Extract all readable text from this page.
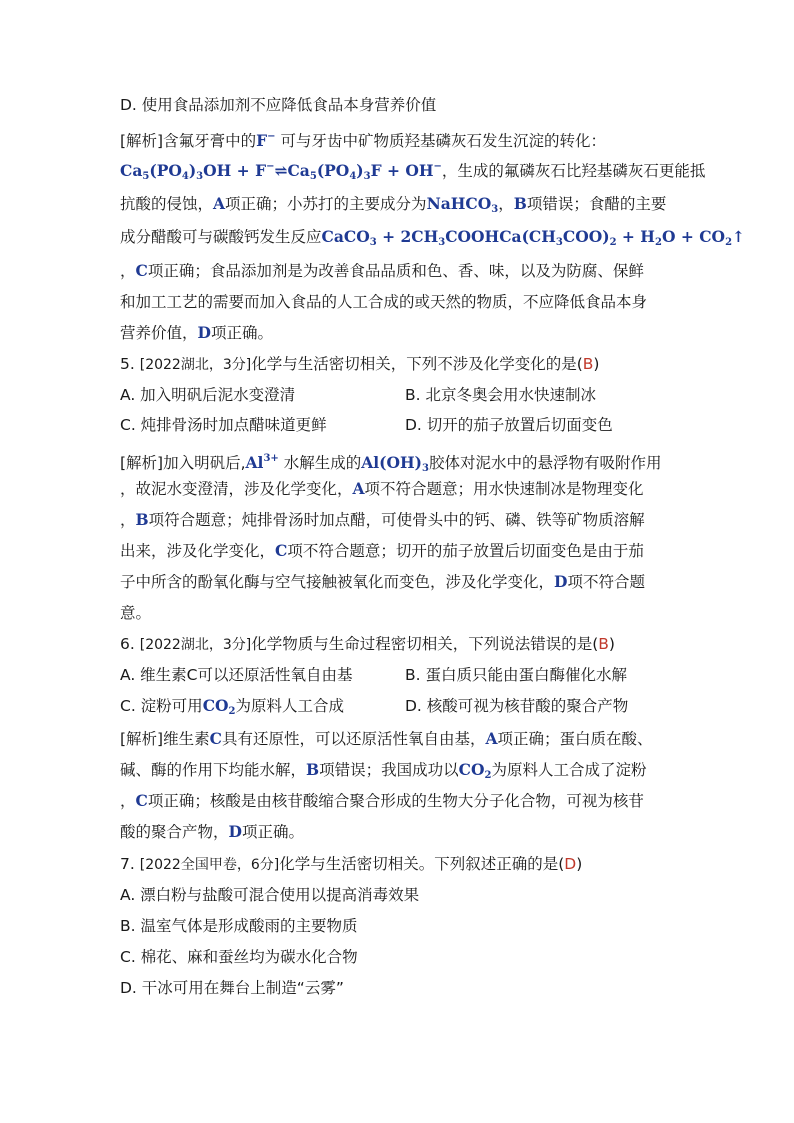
D. 使用食品添加剂不应降低食品本身营养价值
[解析]含氟牙膏中的F− 可与牙齿中矿物质羟基磷灰石发生沉淀的转化：
$Ca_5(PO_4)_3OH$ + $F^-\rightleftharpoons Ca_5(PO_4)_3F + OH^-$，生成的氟磷灰石比羟基磷灰石更能抵
抗酸的侵蚀，A项正确；小苏打的主要成分为NaHCO$_3$，B项错误；食醋的主要
成分醋酸可与碳酸钙发生反应CaCO$_3$ + $2CH_3COOHCa(CH_3COO)_2 + H_2O$ + $CO_2↑$
，C项正确；食品添加剂是为改善食品品质和色、香、味，以及为防腐、保鲜
和加工工艺的需要而加入食品的人工合成的或天然的物质，不应降低食品本身
营养价值，D项正确。
5. [2022湖北，3分]化学与生活密切相关，下列不涉及化学变化的是(B)
A. 加入明矾后泥水变澄清	B. 北京冬奥会用水快速制冰
C. 炖排骨汤时加点醋味道更鲜	D. 切开的茄子放置后切面变色
[解析]加入明矾后$,Al^{3+}$ 水解生成的$Al(OH)_3$胶体对泥水中的悬浮物有吸附作用
，故泥水变澄清，涉及化学变化，A项不符合题意；用水快速制冰是物理变化
，B项符合题意；炖排骨汤时加点醋，可使骨头中的钙、磷、铁等矿物质溶解
出来，涉及化学变化，C项不符合题意；切开的茄子放置后切面变色是由于茄
子中所含的酚氧化酶与空气接触被氧化而变色，涉及化学变化，D项不符合题
意。
6. [2022湖北，3分]化学物质与生命过程密切相关，下列说法错误的是(B)
A. 维生素C可以还原活性氧自由基	B. 蛋白质只能由蛋白酶催化水解
C. 淀粉可用$CO_2$为原料人工合成	D. 核酸可视为核苷酸的聚合产物
[解析]维生素C具有还原性，可以还原活性氧自由基，A项正确；蛋白质在酸、
碱、酶的作用下均能水解，B项错误；我国成功以$CO_2$为原料人工合成了淀粉
，C项正确；核酸是由核苷酸缩合聚合形成的生物大分子化合物，可视为核苷
酸的聚合产物，D项正确。
7. [2022全国甲卷，6分]化学与生活密切相关。下列叙述正确的是(D)
A. 漂白粉与盐酸可混合使用以提高消毒效果
B. 温室气体是形成酸雨的主要物质
C. 棉花、麻和蚕丝均为碳水化合物
D. 干冰可用在舞台上制造“云雾”
